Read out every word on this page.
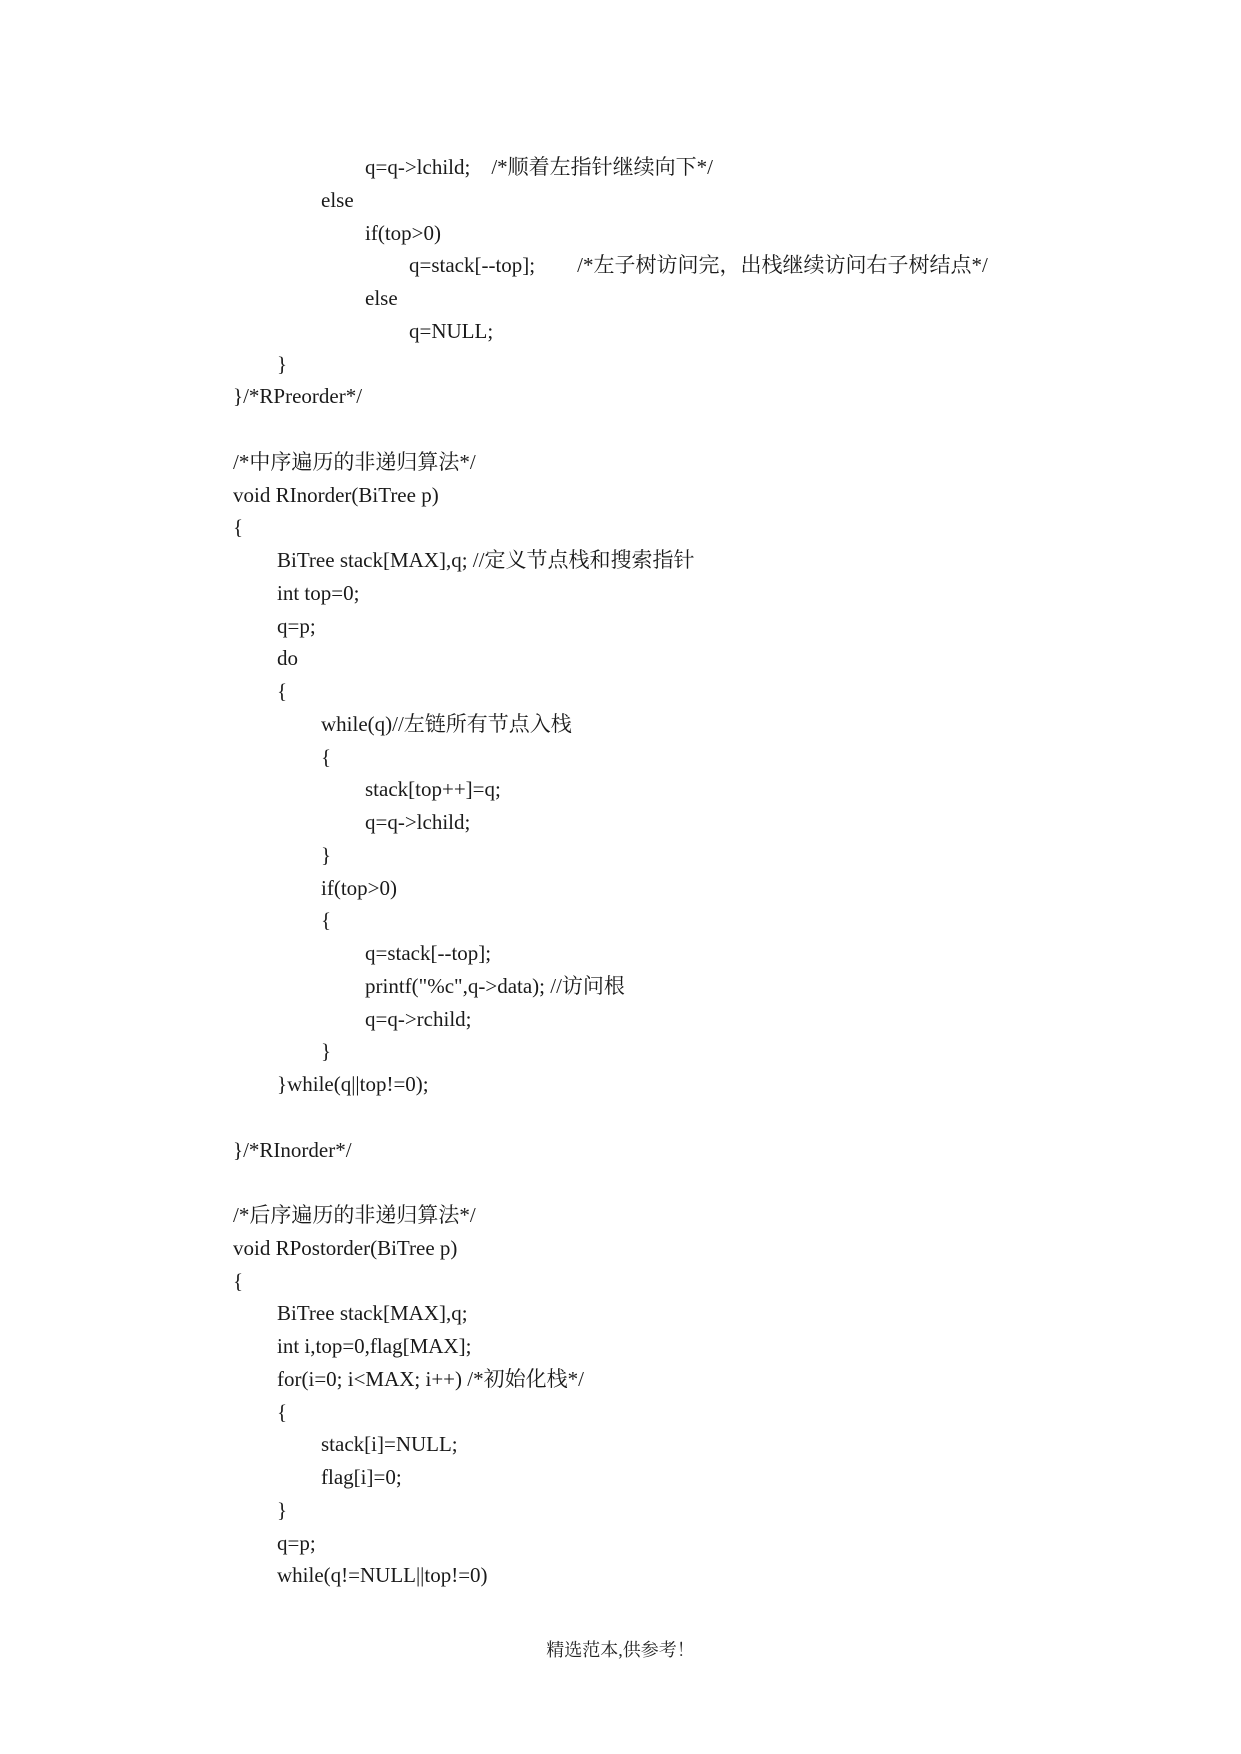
q=q->lchild;    /*顺着左指针继续向下*/
else
if(top>0)
q=stack[--top];        /*左子树访问完，出栈继续访问右子树结点*/
else
q=NULL;
}
}/*RPreorder*/
/*中序遍历的非递归算法*/
void RInorder(BiTree p)
{
BiTree stack[MAX],q; //定义节点栈和搜索指针
int top=0;
q=p;
do
{
while(q)//左链所有节点入栈
{
stack[top++]=q;
q=q->lchild;
}
if(top>0)
{
q=stack[--top];
printf("%c",q->data); //访问根
q=q->rchild;
}
}while(q||top!=0);
}/*RInorder*/
/*后序遍历的非递归算法*/
void RPostorder(BiTree p)
{
BiTree stack[MAX],q;
int i,top=0,flag[MAX];
for(i=0; i<MAX; i++) /*初始化栈*/
{
stack[i]=NULL;
flag[i]=0;
}
q=p;
while(q!=NULL||top!=0)
精选范本,供参考！
